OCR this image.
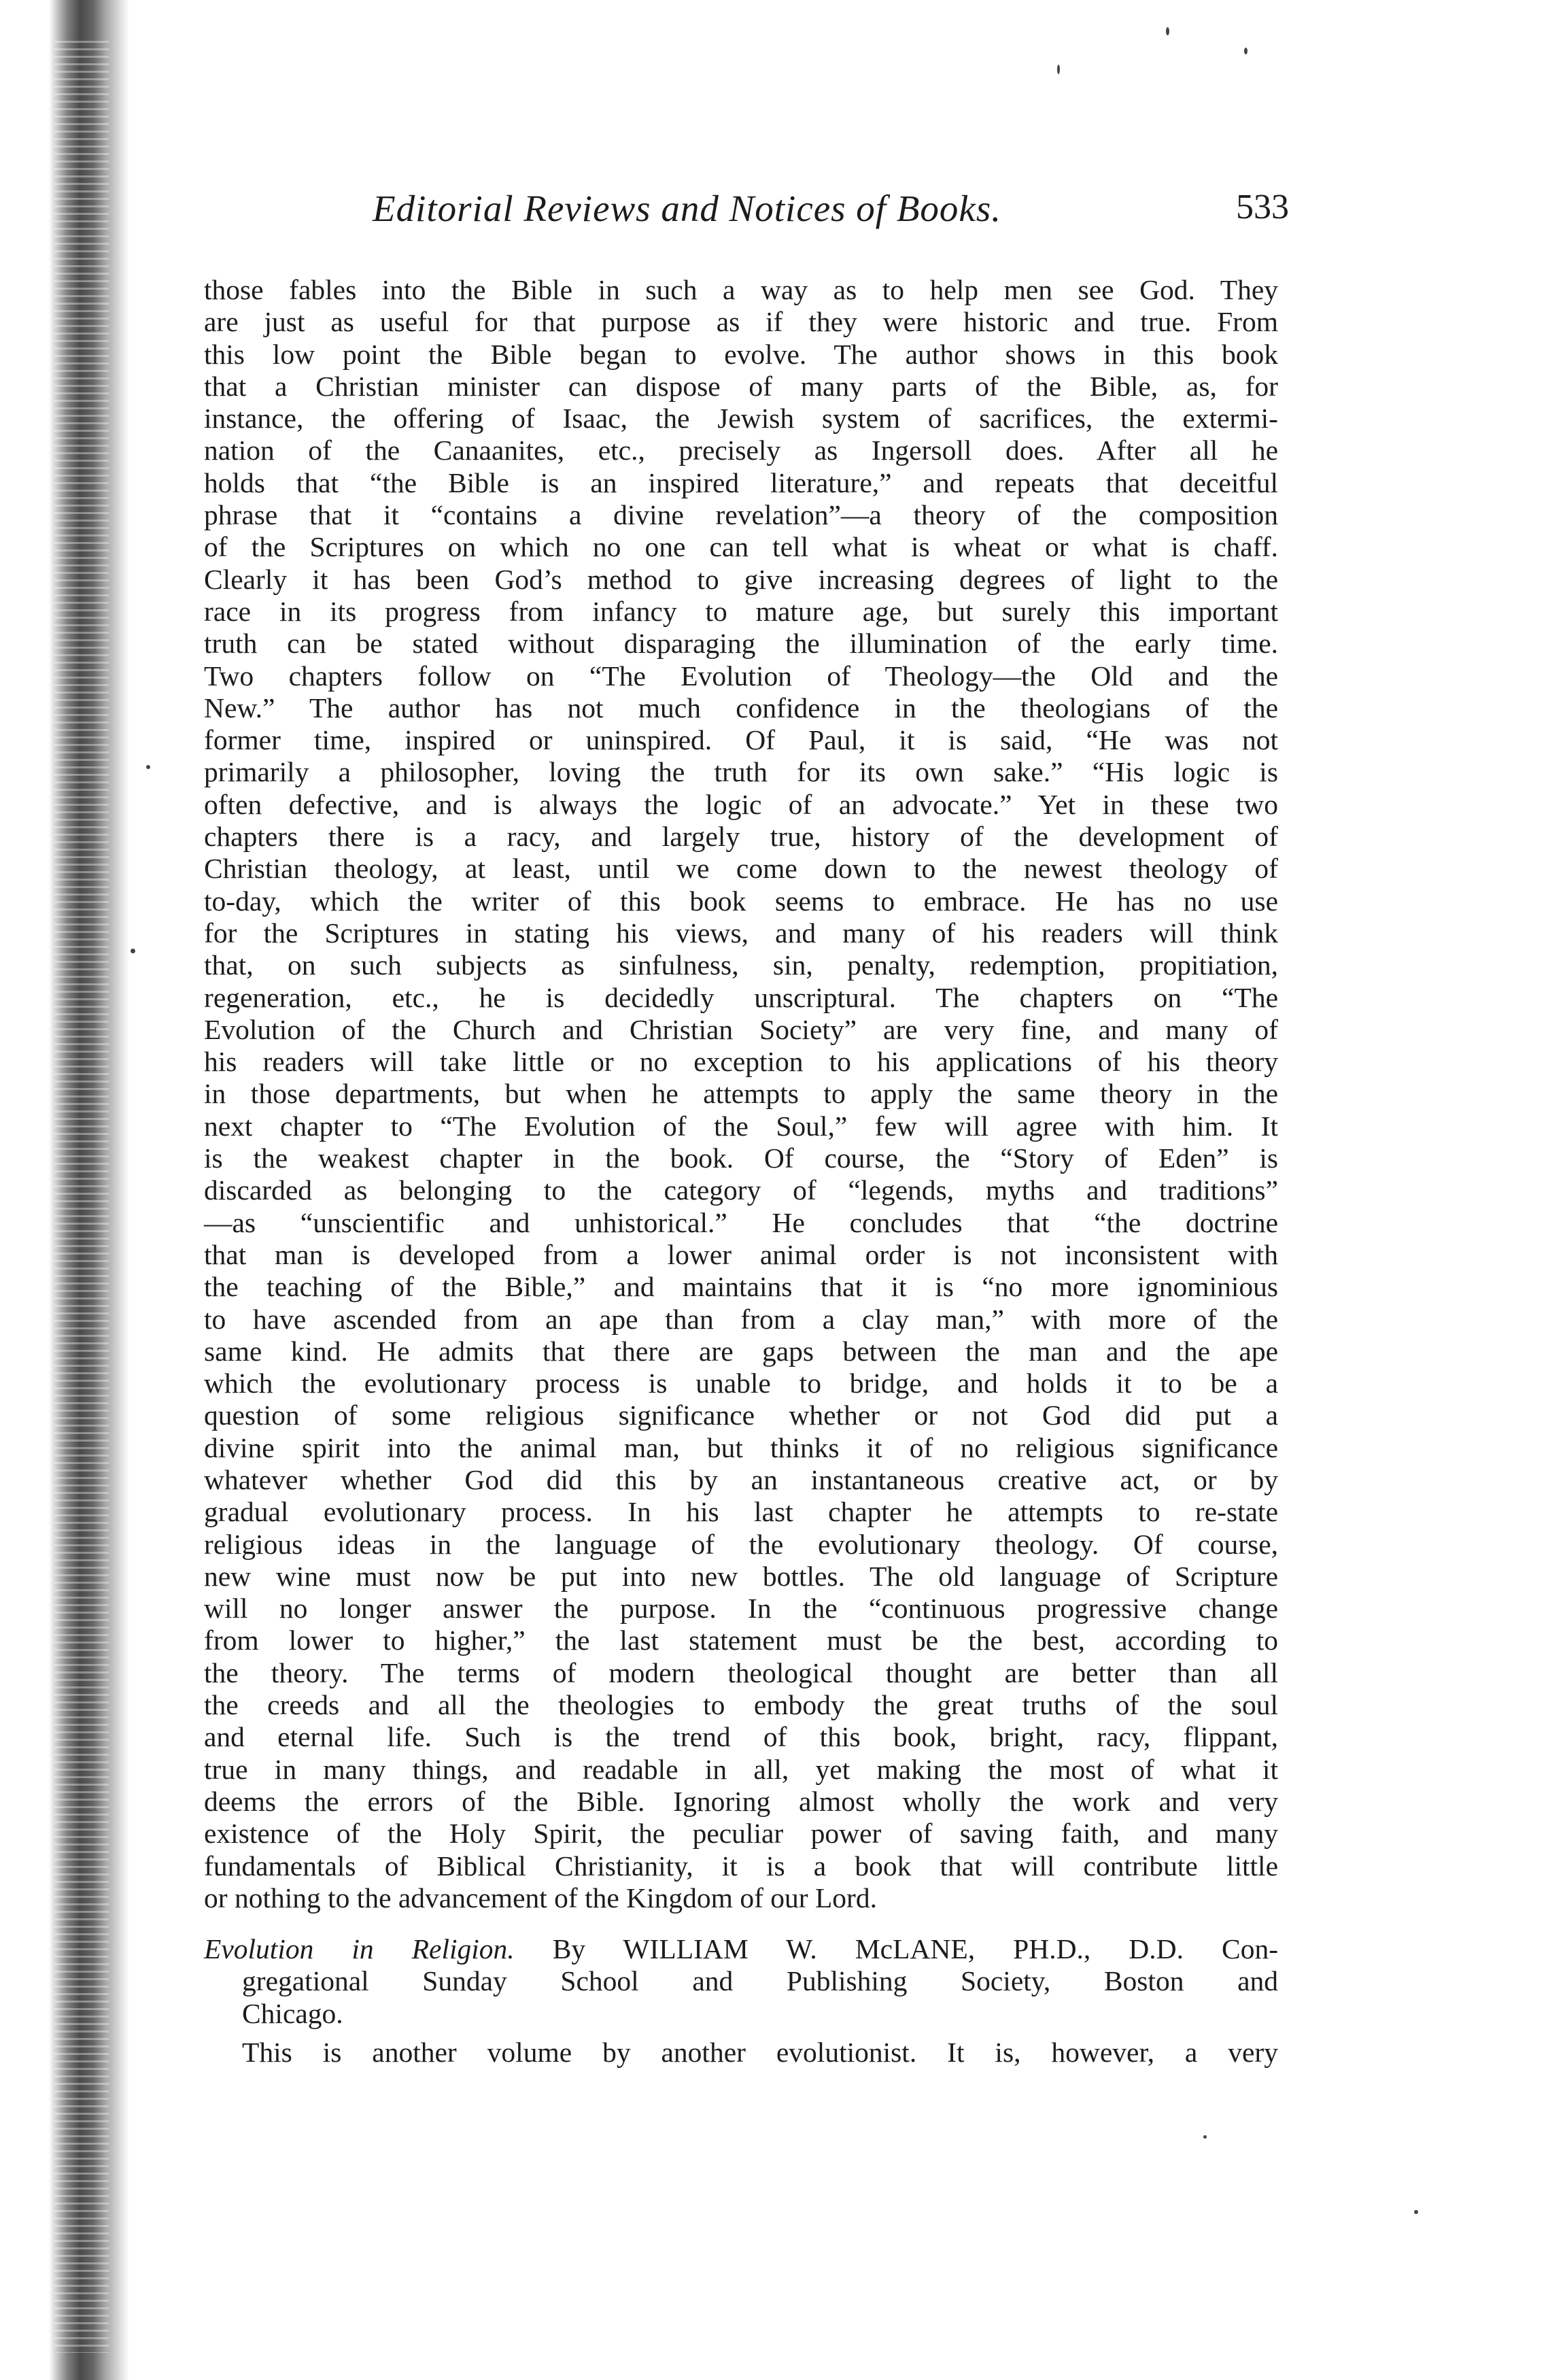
Editorial Reviews and Notices of Books.	533
those fables into the Bible in such a way as to help men see God. They
are just as useful for that purpose as if they were historic and true. From
this low point the Bible began to evolve. The author shows in this book
that a Christian minister can dispose of many parts of the Bible, as, for
instance, the offering of Isaac, the Jewish system of sacrifices, the extermi-
nation of the Canaanites, etc., precisely as Ingersoll does. After all he
holds that “the Bible is an inspired literature,” and repeats that deceitful
phrase that it “contains a divine revelation”—a theory of the composition
of the Scriptures on which no one can tell what is wheat or what is chaff.
Clearly it has been God’s method to give increasing degrees of light to the
race in its progress from infancy to mature age, but surely this important
truth can be stated without disparaging the illumination of the early time.
Two chapters follow on “The Evolution of Theology—the Old and the
New.” The author has not much confidence in the theologians of the
former time, inspired or uninspired. Of Paul, it is said, “He was not
primarily a philosopher, loving the truth for its own sake.” “His logic is
often defective, and is always the logic of an advocate.” Yet in these two
chapters there is a racy, and largely true, history of the development of
Christian theology, at least, until we come down to the newest theology of
to-day, which the writer of this book seems to embrace. He has no use
for the Scriptures in stating his views, and many of his readers will think
that, on such subjects as sinfulness, sin, penalty, redemption, propitiation,
regeneration, etc., he is decidedly unscriptural. The chapters on “The
Evolution of the Church and Christian Society” are very fine, and many of
his readers will take little or no exception to his applications of his theory
in those departments, but when he attempts to apply the same theory in the
next chapter to “The Evolution of the Soul,” few will agree with him. It
is the weakest chapter in the book. Of course, the “Story of Eden” is
discarded as belonging to the category of “legends, myths and traditions”
—as “unscientific and unhistorical.” He concludes that “the doctrine
that man is developed from a lower animal order is not inconsistent with
the teaching of the Bible,” and maintains that it is “no more ignominious
to have ascended from an ape than from a clay man,” with more of the
same kind. He admits that there are gaps between the man and the ape
which the evolutionary process is unable to bridge, and holds it to be a
question of some religious significance whether or not God did put a
divine spirit into the animal man, but thinks it of no religious significance
whatever whether God did this by an instantaneous creative act, or by
gradual evolutionary process. In his last chapter he attempts to re-state
religious ideas in the language of the evolutionary theology. Of course,
new wine must now be put into new bottles. The old language of Scripture
will no longer answer the purpose. In the “continuous progressive change
from lower to higher,” the last statement must be the best, according to
the theory. The terms of modern theological thought are better than all
the creeds and all the theologies to embody the great truths of the soul
and eternal life. Such is the trend of this book, bright, racy, flippant,
true in many things, and readable in all, yet making the most of what it
deems the errors of the Bible. Ignoring almost wholly the work and very
existence of the Holy Spirit, the peculiar power of saving faith, and many
fundamentals of Biblical Christianity, it is a book that will contribute little
or nothing to the advancement of the Kingdom of our Lord.
Evolution in Religion. By WILLIAM W. McLANE, PH.D., D.D. Con-
gregational Sunday School and Publishing Society, Boston and
Chicago.
This is another volume by another evolutionist. It is, however, a very
